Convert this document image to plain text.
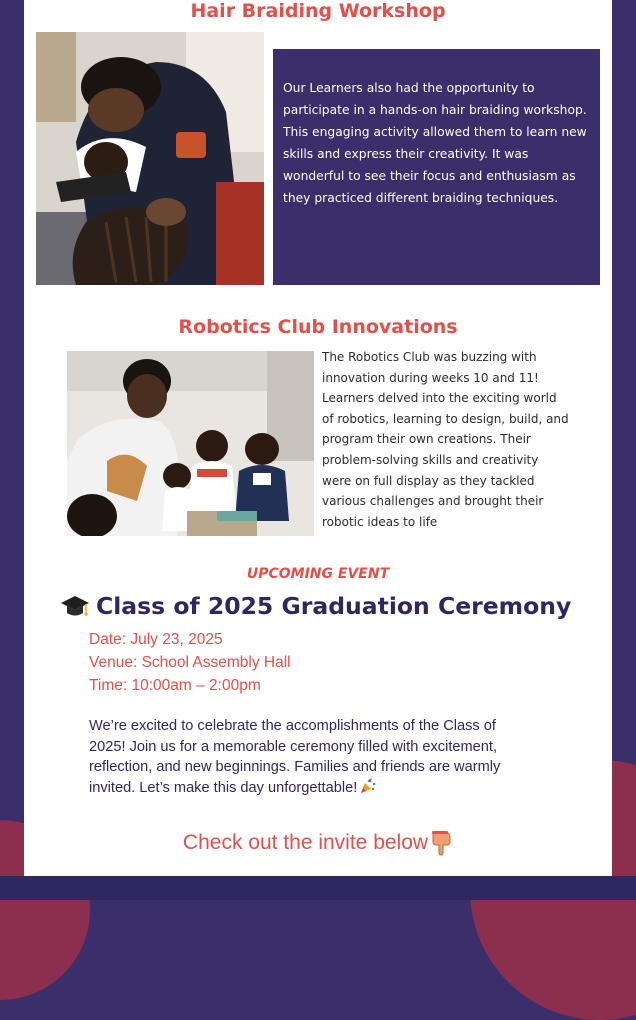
Hair Braiding Workshop

Our Learners also had the opportunity to participate in a hands-on hair braiding workshop. This engaging activity allowed them to learn new skills and express their creativity. It was wonderful to see their focus and enthusiasm as they practiced different braiding techniques.

Robotics Club Innovations

The Robotics Club was buzzing with innovation during weeks 10 and 11! Learners delved into the exciting world of robotics, learning to design, build, and program their own creations. Their problem-solving skills and creativity were on full display as they tackled various challenges and brought their robotic ideas to life

UPCOMING EVENT
Class of 2025 Graduation Ceremony
Date: July 23, 2025
Venue: School Assembly Hall
Time: 10:00am – 2:00pm

We’re excited to celebrate the accomplishments of the Class of 2025! Join us for a memorable ceremony filled with excitement, reflection, and new beginnings. Families and friends are warmly invited. Let’s make this day unforgettable!

Check out the invite below
